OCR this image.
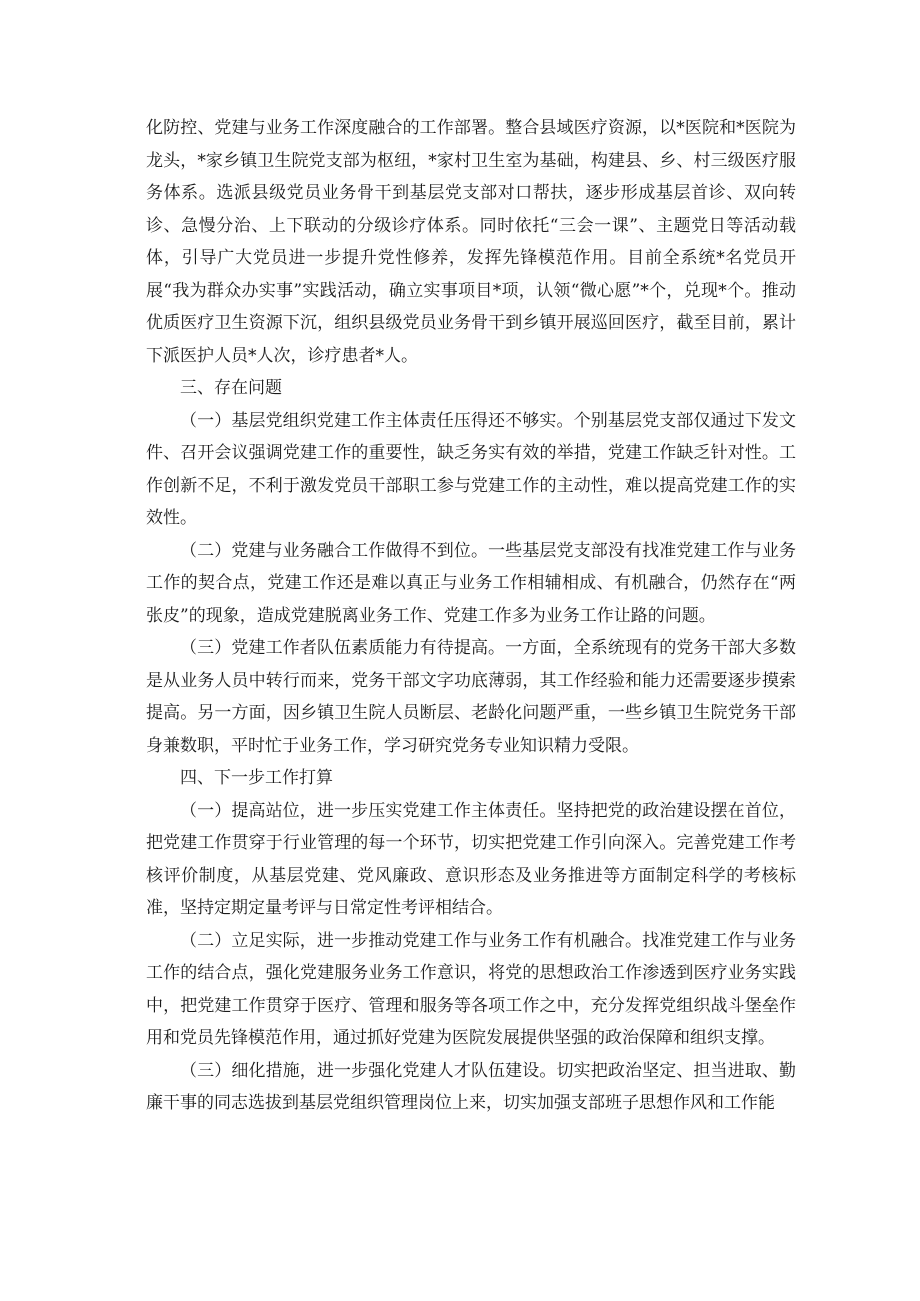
化防控、党建与业务工作深度融合的工作部署。整合县域医疗资源，以*医院和*医院为龙头，*家乡镇卫生院党支部为枢纽，*家村卫生室为基础，构建县、乡、村三级医疗服务体系。选派县级党员业务骨干到基层党支部对口帮扶，逐步形成基层首诊、双向转诊、急慢分治、上下联动的分级诊疗体系。同时依托“三会一课”、主题党日等活动载体，引导广大党员进一步提升党性修养，发挥先锋模范作用。目前全系统*名党员开展“我为群众办实事”实践活动，确立实事项目*项，认领“微心愿”*个，兑现*个。推动优质医疗卫生资源下沉，组织县级党员业务骨干到乡镇开展巡回医疗，截至目前，累计下派医护人员*人次，诊疗患者*人。

三、存在问题

（一）基层党组织党建工作主体责任压得还不够实。个别基层党支部仅通过下发文件、召开会议强调党建工作的重要性，缺乏务实有效的举措，党建工作缺乏针对性。工作创新不足，不利于激发党员干部职工参与党建工作的主动性，难以提高党建工作的实效性。

（二）党建与业务融合工作做得不到位。一些基层党支部没有找准党建工作与业务工作的契合点，党建工作还是难以真正与业务工作相辅相成、有机融合，仍然存在“两张皮”的现象，造成党建脱离业务工作、党建工作多为业务工作让路的问题。

（三）党建工作者队伍素质能力有待提高。一方面，全系统现有的党务干部大多数是从业务人员中转行而来，党务干部文字功底薄弱，其工作经验和能力还需要逐步摸索提高。另一方面，因乡镇卫生院人员断层、老龄化问题严重，一些乡镇卫生院党务干部身兼数职，平时忙于业务工作，学习研究党务专业知识精力受限。

四、下一步工作打算

（一）提高站位，进一步压实党建工作主体责任。坚持把党的政治建设摆在首位，把党建工作贯穿于行业管理的每一个环节，切实把党建工作引向深入。完善党建工作考核评价制度，从基层党建、党风廉政、意识形态及业务推进等方面制定科学的考核标准，坚持定期定量考评与日常定性考评相结合。

（二）立足实际，进一步推动党建工作与业务工作有机融合。找准党建工作与业务工作的结合点，强化党建服务业务工作意识，将党的思想政治工作渗透到医疗业务实践中，把党建工作贯穿于医疗、管理和服务等各项工作之中，充分发挥党组织战斗堡垒作用和党员先锋模范作用，通过抓好党建为医院发展提供坚强的政治保障和组织支撑。

（三）细化措施，进一步强化党建人才队伍建设。切实把政治坚定、担当进取、勤廉干事的同志选拔到基层党组织管理岗位上来，切实加强支部班子思想作风和工作能
